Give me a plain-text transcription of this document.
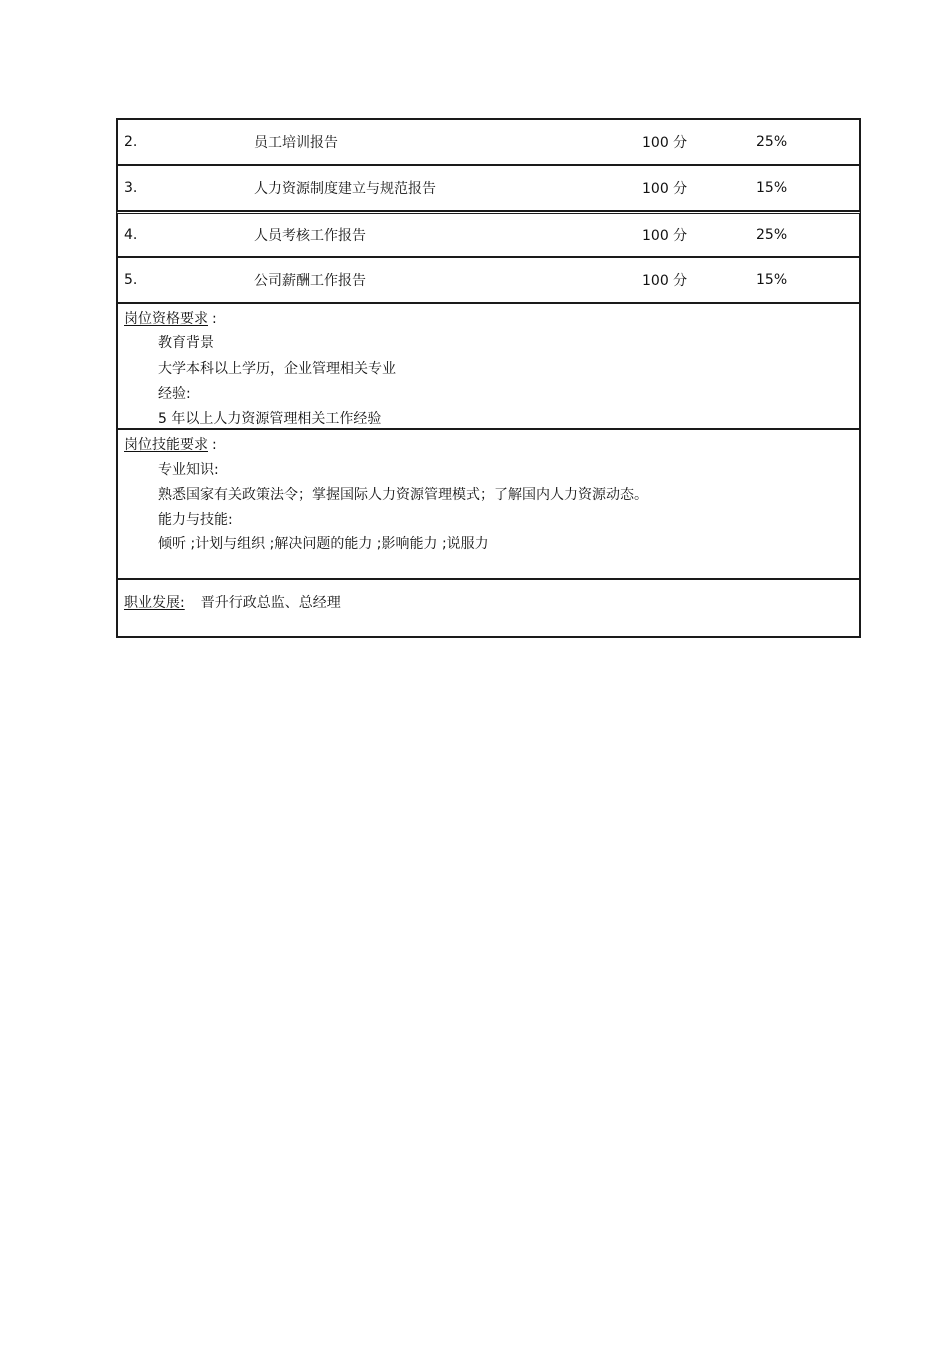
2.	员工培训报告	100 分	25%
3.	人力资源制度建立与规范报告	100 分	15%
4.	人员考核工作报告	100 分	25%
5.	公司薪酬工作报告	100 分	15%
岗位资格要求 :
教育背景
大学本科以上学历，企业管理相关专业
经验:
5 年以上人力资源管理相关工作经验
岗位技能要求 :
专业知识:
熟悉国家有关政策法令；掌握国际人力资源管理模式；了解国内人力资源动态。
能力与技能:
倾听 ;计划与组织 ;解决问题的能力 ;影响能力 ;说服力
职业发展: 晋升行政总监、总经理
